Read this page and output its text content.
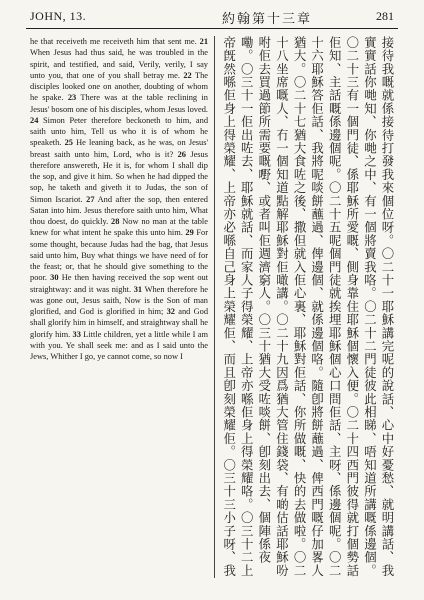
JOHN, 13.	約翰第十三章	281

he that receiveth me receiveth him that sent me. 21 When Jesus had thus said, he was troubled in the spirit, and testified, and said, Verily, verily, I say unto you, that one of you shall betray me. 22 The disciples looked one on another, doubting of whom he spake. 23 There was at the table reclining in Jesus' bosom one of his disciples, whom Jesus loved. 24 Simon Peter therefore beckoneth to him, and saith unto him, Tell us who it is of whom he speaketh. 25 He leaning back, as he was, on Jesus' breast saith unto him, Lord, who is it? 26 Jesus therefore answereth, He it is, for whom I shall dip the sop, and give it him. So when he had dipped the sop, he taketh and giveth it to Judas, the son of Simon Iscariot. 27 And after the sop, then entered Satan into him. Jesus therefore saith unto him, What thou doest, do quickly. 28 Now no man at the table knew for what intent he spake this unto him. 29 For some thought, because Judas had the bag, that Jesus said unto him, Buy what things we have need of for the feast; or, that he should give something to the poor. 30 He then having received the sop went out straightway: and it was night. 31 When therefore he was gone out, Jesus saith, Now is the Son of man glorified, and God is glorified in him; 32 and God shall glorify him in himself, and straightway shall he glorify him. 33 Little children, yet a little while I am with you. Ye shall seek me: and as I said unto the Jews, Whither I go, ye cannot come, so now I

接待我嘅就係接待打發我來個位呀。〇二十一耶穌講完呢的說話、心中好憂愁、就明講話、我實實話你哋知、你哋之中、有一個將賣我咯。〇二十二門徒彼此相睇、唔知道所講嘅係邊個。〇二十三有一個門徒、係耶穌所愛嘅、側身靠住耶穌個懷入便。〇二十四西門彼得就打個勢話佢知、主話嘅係邊個呢。〇二十五呢個門徒就挨埋耶穌個心口問佢話、主呀、係邊個呢。〇二十六耶穌答佢話、我將呢啖餅蘸過、俾邊個、就係邊個咯。隨卽將餅蘸過、俾西門嘅仔加畧人猶大。〇二十七猶大食咗之後、撒但就入佢心裏、耶穌對佢話、你所做嘅、快的去做啦。〇二十八坐席嘅人、冇一個知道點解耶穌對佢噉講。〇二十九因爲猶大管住錢袋、有啲估話耶穌吩咐佢去買過節所需要嘅嘢、或者叫佢週濟窮人。〇三十猶大受咗啖餅、卽刻出去、個陣係夜嘞。〇三十一佢出咗去、耶穌就話、而家人子得榮耀、上帝亦喺佢身上得榮耀咯。〇三十二上帝旣然喺佢身上得榮耀、上帝亦必喺自己身上榮耀佢、而且卽刻榮耀佢。〇三十三小子呀、我
